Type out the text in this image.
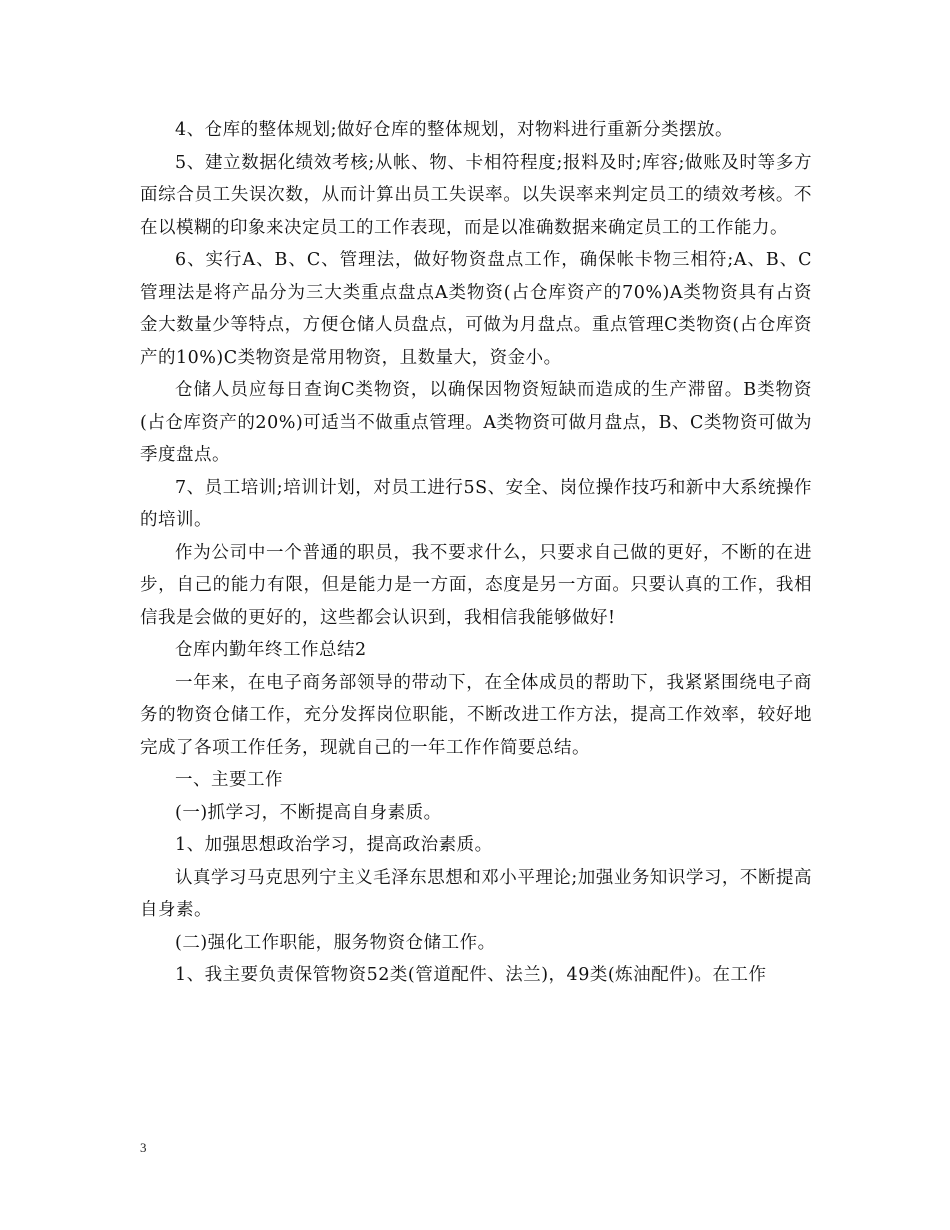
4、仓库的整体规划;做好仓库的整体规划，对物料进行重新分类摆放。

5、建立数据化绩效考核;从帐、物、卡相符程度;报料及时;库容;做账及时等多方面综合员工失误次数，从而计算出员工失误率。以失误率来判定员工的绩效考核。不在以模糊的印象来决定员工的工作表现，而是以准确数据来确定员工的工作能力。

6、实行A、B、C、管理法，做好物资盘点工作，确保帐卡物三相符;A、B、C管理法是将产品分为三大类重点盘点A类物资(占仓库资产的70%)A类物资具有占资金大数量少等特点，方便仓储人员盘点，可做为月盘点。重点管理C类物资(占仓库资产的10%)C类物资是常用物资，且数量大，资金小。

仓储人员应每日查询C类物资，以确保因物资短缺而造成的生产滞留。B类物资(占仓库资产的20%)可适当不做重点管理。A类物资可做月盘点，B、C类物资可做为季度盘点。

7、员工培训;培训计划，对员工进行5S、安全、岗位操作技巧和新中大系统操作的培训。

作为公司中一个普通的职员，我不要求什么，只要求自己做的更好，不断的在进步，自己的能力有限，但是能力是一方面，态度是另一方面。只要认真的工作，我相信我是会做的更好的，这些都会认识到，我相信我能够做好!

仓库内勤年终工作总结2

一年来，在电子商务部领导的带动下，在全体成员的帮助下，我紧紧围绕电子商务的物资仓储工作，充分发挥岗位职能，不断改进工作方法，提高工作效率，较好地完成了各项工作任务，现就自己的一年工作作简要总结。

一、主要工作

(一)抓学习，不断提高自身素质。

1、加强思想政治学习，提高政治素质。

认真学习马克思列宁主义毛泽东思想和邓小平理论;加强业务知识学习，不断提高自身素。

(二)强化工作职能，服务物资仓储工作。

1、我主要负责保管物资52类(管道配件、法兰)，49类(炼油配件)。在工作

3
